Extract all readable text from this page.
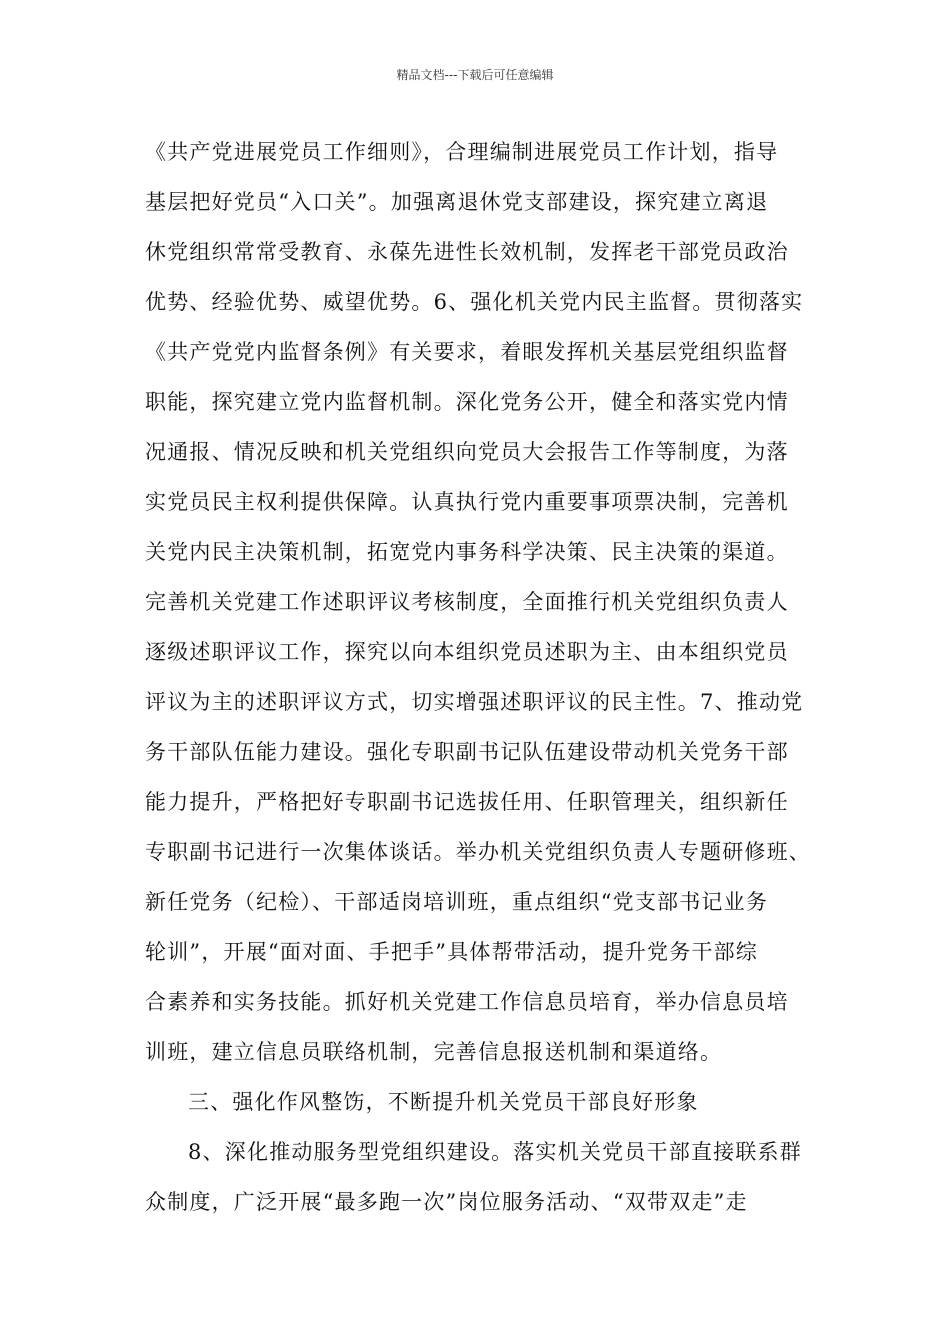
精品文档---下载后可任意编辑
《共产党进展党员工作细则》，合理编制进展党员工作计划，指导
基层把好党员“入口关”。加强离退休党支部建设，探究建立离退
休党组织常常受教育、永葆先进性长效机制，发挥老干部党员政治
优势、经验优势、威望优势。6、强化机关党内民主监督。贯彻落实
《共产党党内监督条例》有关要求，着眼发挥机关基层党组织监督
职能，探究建立党内监督机制。深化党务公开，健全和落实党内情
况通报、情况反映和机关党组织向党员大会报告工作等制度，为落
实党员民主权利提供保障。认真执行党内重要事项票决制，完善机
关党内民主决策机制，拓宽党内事务科学决策、民主决策的渠道。
完善机关党建工作述职评议考核制度，全面推行机关党组织负责人
逐级述职评议工作，探究以向本组织党员述职为主、由本组织党员
评议为主的述职评议方式，切实增强述职评议的民主性。7、推动党
务干部队伍能力建设。强化专职副书记队伍建设带动机关党务干部
能力提升，严格把好专职副书记选拔任用、任职管理关，组织新任
专职副书记进行一次集体谈话。举办机关党组织负责人专题研修班、
新任党务（纪检）、干部适岗培训班，重点组织“党支部书记业务
轮训”，开展“面对面、手把手”具体帮带活动，提升党务干部综
合素养和实务技能。抓好机关党建工作信息员培育，举办信息员培
训班，建立信息员联络机制，完善信息报送机制和渠道络。
三、强化作风整饬，不断提升机关党员干部良好形象
8、深化推动服务型党组织建设。落实机关党员干部直接联系群
众制度，广泛开展“最多跑一次”岗位服务活动、“双带双走”走
